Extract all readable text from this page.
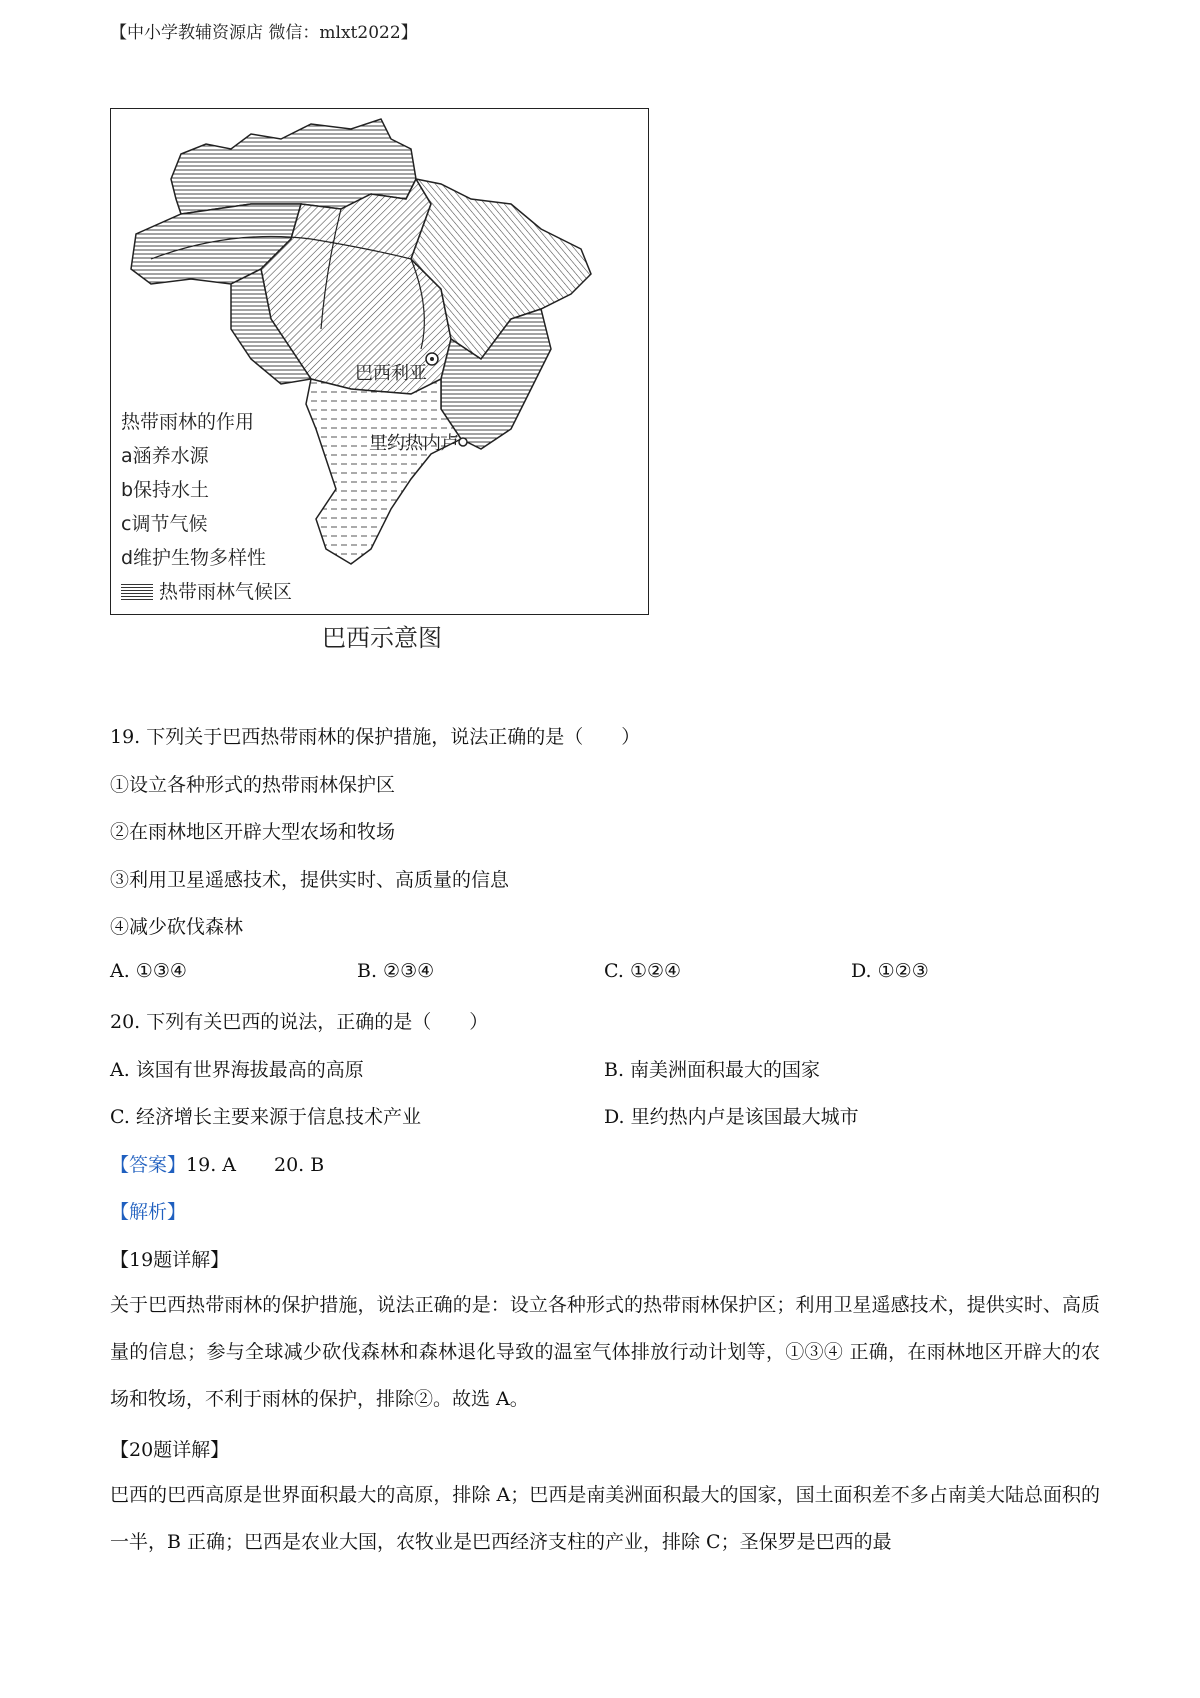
【中小学教辅资源店 微信：mlxt2022】
巴西利亚
里约热内卢
热带雨林的作用
a涵养水源
b保持水土
c调节气候
d维护生物多样性
热带雨林气候区
巴西示意图
19. 下列关于巴西热带雨林的保护措施，说法正确的是（　　）
①设立各种形式的热带雨林保护区
②在雨林地区开辟大型农场和牧场
③利用卫星遥感技术，提供实时、高质量的信息
④减少砍伐森林
A. ①③④	B. ②③④	C. ①②④	D. ①②③
20. 下列有关巴西的说法，正确的是（　　）
A. 该国有世界海拔最高的高原	B. 南美洲面积最大的国家
C. 经济增长主要来源于信息技术产业	D. 里约热内卢是该国最大城市
【答案】19. A　　20. B
【解析】
【19题详解】
关于巴西热带雨林的保护措施，说法正确的是：设立各种形式的热带雨林保护区；利用卫星遥感技术，提供实时、高质量的信息；参与全球减少砍伐森林和森林退化导致的温室气体排放行动计划等，①③④ 正确，在雨林地区开辟大的农场和牧场，不利于雨林的保护，排除②。故选 A。
【20题详解】
巴西的巴西高原是世界面积最大的高原，排除 A；巴西是南美洲面积最大的国家，国土面积差不多占南美大陆总面积的一半，B 正确；巴西是农业大国，农牧业是巴西经济支柱的产业，排除 C；圣保罗是巴西的最
